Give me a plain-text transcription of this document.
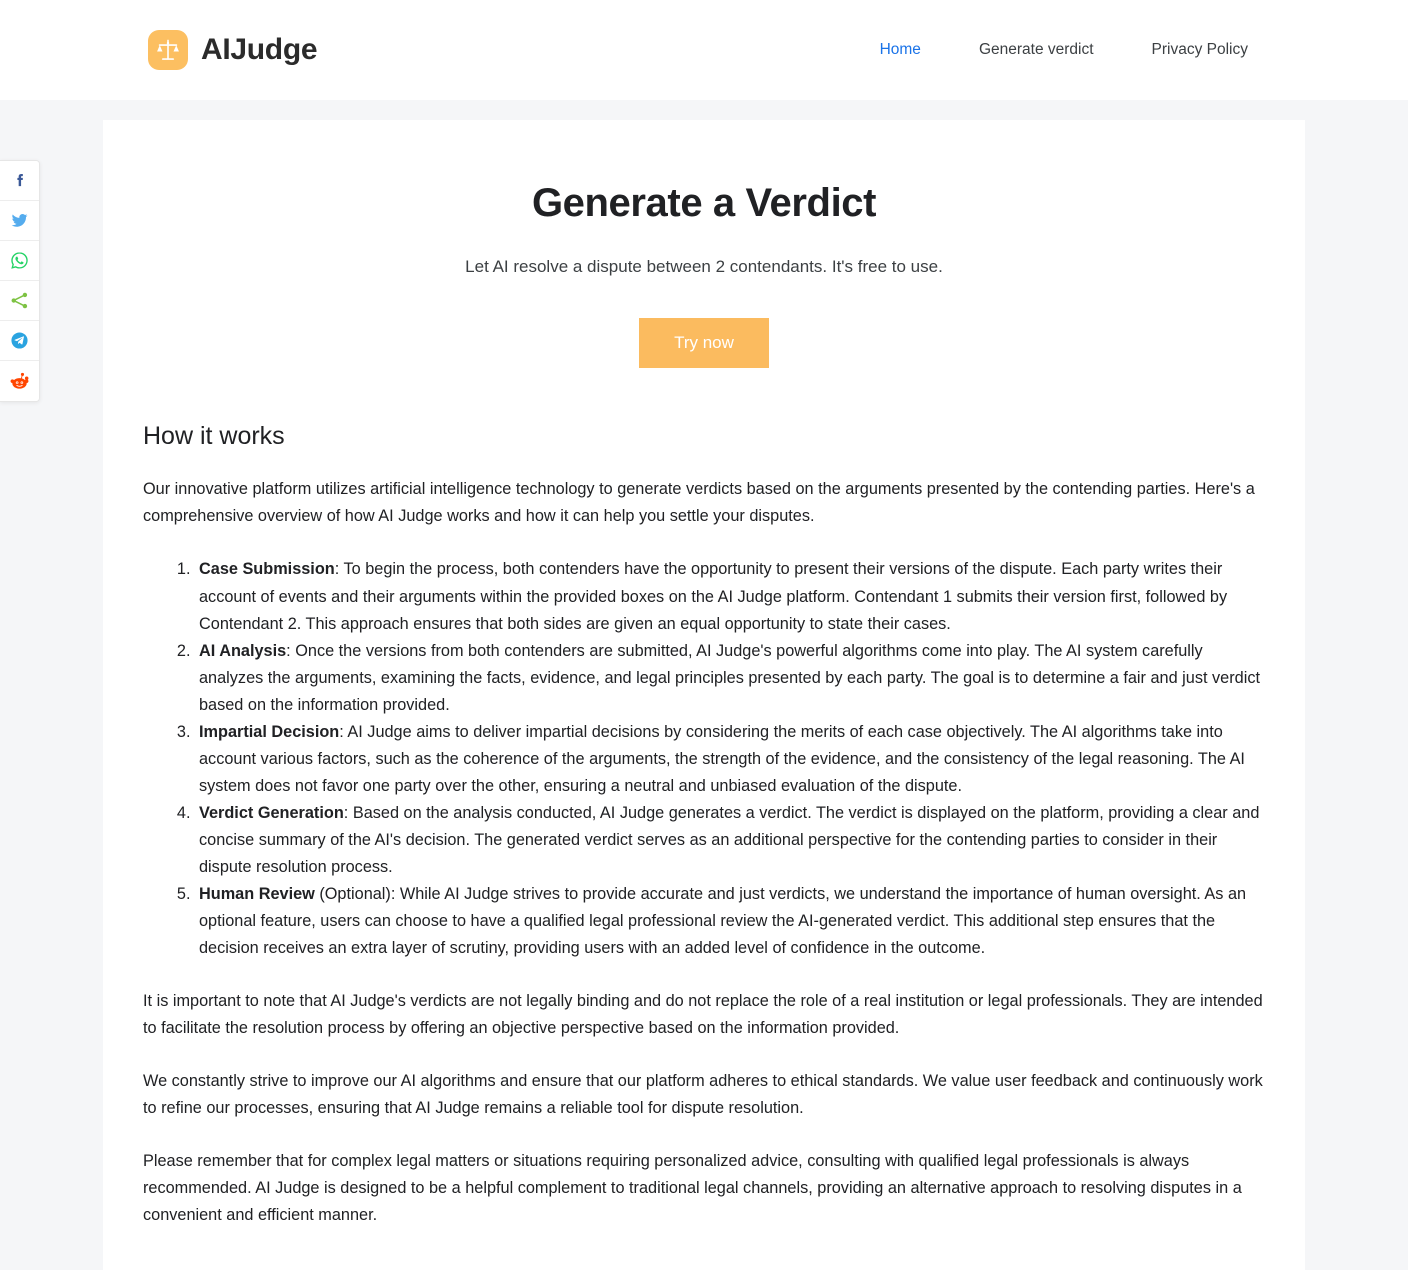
AIJudge	Home	Generate verdict	Privacy Policy
Generate a Verdict

Let AI resolve a dispute between 2 contendants. It's free to use.

Try now
How it works

Our innovative platform utilizes artificial intelligence technology to generate verdicts based on the arguments presented by the contending parties. Here's a comprehensive overview of how AI Judge works and how it can help you settle your disputes.

1. Case Submission: To begin the process, both contenders have the opportunity to present their versions of the dispute. Each party writes their account of events and their arguments within the provided boxes on the AI Judge platform. Contendant 1 submits their version first, followed by Contendant 2. This approach ensures that both sides are given an equal opportunity to state their cases.
2. AI Analysis: Once the versions from both contenders are submitted, AI Judge's powerful algorithms come into play. The AI system carefully analyzes the arguments, examining the facts, evidence, and legal principles presented by each party. The goal is to determine a fair and just verdict based on the information provided.
3. Impartial Decision: AI Judge aims to deliver impartial decisions by considering the merits of each case objectively. The AI algorithms take into account various factors, such as the coherence of the arguments, the strength of the evidence, and the consistency of the legal reasoning. The AI system does not favor one party over the other, ensuring a neutral and unbiased evaluation of the dispute.
4. Verdict Generation: Based on the analysis conducted, AI Judge generates a verdict. The verdict is displayed on the platform, providing a clear and concise summary of the AI's decision. The generated verdict serves as an additional perspective for the contending parties to consider in their dispute resolution process.
5. Human Review (Optional): While AI Judge strives to provide accurate and just verdicts, we understand the importance of human oversight. As an optional feature, users can choose to have a qualified legal professional review the AI-generated verdict. This additional step ensures that the decision receives an extra layer of scrutiny, providing users with an added level of confidence in the outcome.

It is important to note that AI Judge's verdicts are not legally binding and do not replace the role of a real institution or legal professionals. They are intended to facilitate the resolution process by offering an objective perspective based on the information provided.

We constantly strive to improve our AI algorithms and ensure that our platform adheres to ethical standards. We value user feedback and continuously work to refine our processes, ensuring that AI Judge remains a reliable tool for dispute resolution.

Please remember that for complex legal matters or situations requiring personalized advice, consulting with qualified legal professionals is always recommended. AI Judge is designed to be a helpful complement to traditional legal channels, providing an alternative approach to resolving disputes in a convenient and efficient manner.
